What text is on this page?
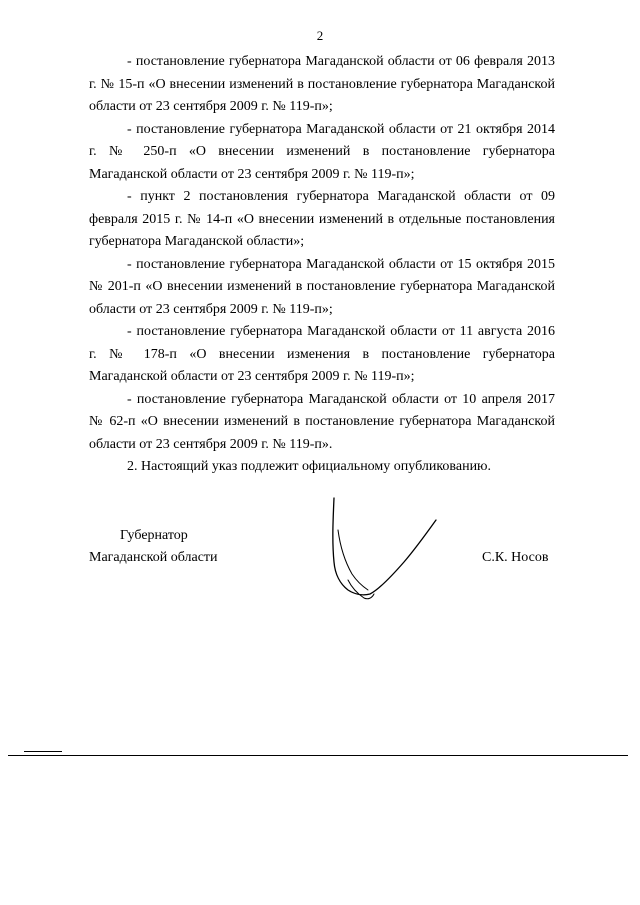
2

- постановление губернатора Магаданской области от 06 февраля 2013 г. № 15-п «О внесении изменений в постановление губернатора Магаданской области от 23 сентября 2009 г. № 119-п»;

- постановление губернатора Магаданской области от 21 октября 2014 г. № 250-п «О внесении изменений в постановление губернатора Магаданской области от 23 сентября 2009 г. № 119-п»;

- пункт 2 постановления губернатора Магаданской области от 09 февраля 2015 г. № 14-п «О внесении изменений в отдельные постановления губернатора Магаданской области»;

- постановление губернатора Магаданской области от 15 октября 2015 № 201-п «О внесении изменений в постановление губернатора Магаданской области от 23 сентября 2009 г. № 119-п»;

- постановление губернатора Магаданской области от 11 августа 2016 г. № 178-п «О внесении изменения в постановление губернатора Магаданской области от 23 сентября 2009 г. № 119-п»;

- постановление губернатора Магаданской области от 10 апреля 2017 № 62-п «О внесении изменений в постановление губернатора Магаданской области от 23 сентября 2009 г. № 119-п».

2. Настоящий указ подлежит официальному опубликованию.

Губернатор
Магаданской области	С.К. Носов
